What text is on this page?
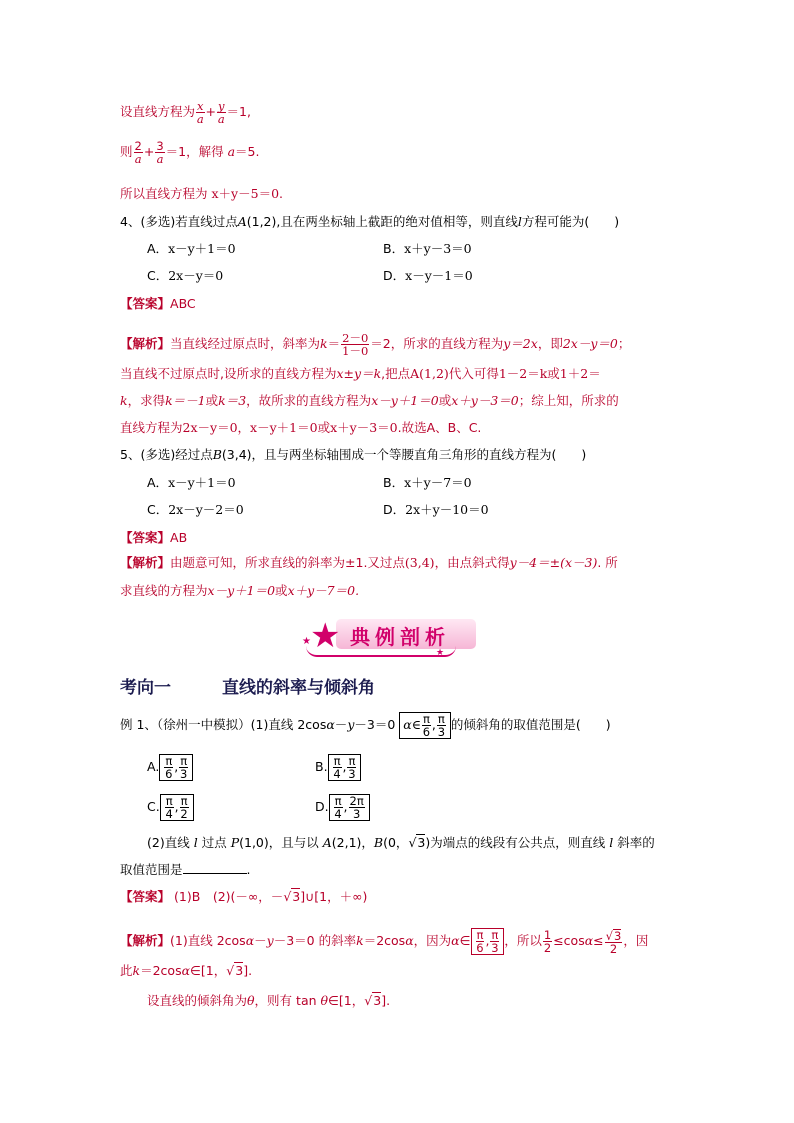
设直线方程为 $\frac{x}{a} + \frac{y}{a} =1$,
则 $\frac{2}{a} + \frac{3}{a} =1$，解得 a＝5.
所以直线方程为 x＋y－5＝0.
4、(多选)若直线过点A(1,2),且在两坐标轴上截距的绝对值相等，则直线l方程可能为(　　)
A．x－y＋1＝0	B．x＋y－3＝0
C．2x－y＝0	D．x－y－1＝0
【答案】ABC
【解析】当直线经过原点时，斜率为$k= \frac{2-0}{1-0} =2$，所求的直线方程为y＝2x，即2x－y＝0；
当直线不过原点时,设所求的直线方程为x±y＝k,把点A(1,2)代入可得1－2＝k或1＋2＝
k，求得k＝－1或k＝3，故所求的直线方程为x－y＋1＝0或x＋y－3＝0；综上知，所求的
直线方程为2x－y＝0，x－y＋1＝0或x＋y－3＝0.故选A、B、C.
5、(多选)经过点B(3,4)，且与两坐标轴围成一个等腰直角三角形的直线方程为(　　)
A．x－y＋1＝0	B．x＋y－7＝0
C．2x－y－2＝0	D．2x＋y－10＝0
【答案】AB
【解析】由题意可知，所求直线的斜率为±1.又过点(3,4)，由点斜式得y－4＝±(x－3). 所
求直线的方程为x－y＋1＝0或x＋y－7＝0.
★
★
★
典例剖析
考向一	直线的斜率与倾斜角
例 1、（徐州一中模拟）(1)直线 2cosα－y－3＝0 α∈ $\frac{\pi}{6}$ , $\frac{\pi}{3}$ 的倾斜角的取值范围是(　　)
A. $\frac{\pi}{6}$ , $\frac{\pi}{3}$	B. $\frac{\pi}{4}$ , $\frac{\pi}{3}$
C. $\frac{\pi}{4}$ , $\frac{\pi}{2}$	D. $\frac{\pi}{4}$ , $\frac{2\pi}{3}$
(2)直线 l 过点 P(1,0)，且与以 A(2,1)，B(0，√3)为端点的线段有公共点，则直线 l 斜率的
取值范围是	.
【答案】 (1)B　 (2)(－∞，－√3]∪[1，＋∞)
【解析】(1)直线 2cosα－y－3＝0 的斜率k＝2cosα，因为α∈ $\frac{\pi}{6}$ , $\frac{\pi}{3}$ ，所以 $\frac{1}{2} \le\cos\alpha\le \frac{√3}{2}$ ，因
此k＝2cosα∈[1，√3].
设直线的倾斜角为θ，则有 tan θ∈[1，√3].
